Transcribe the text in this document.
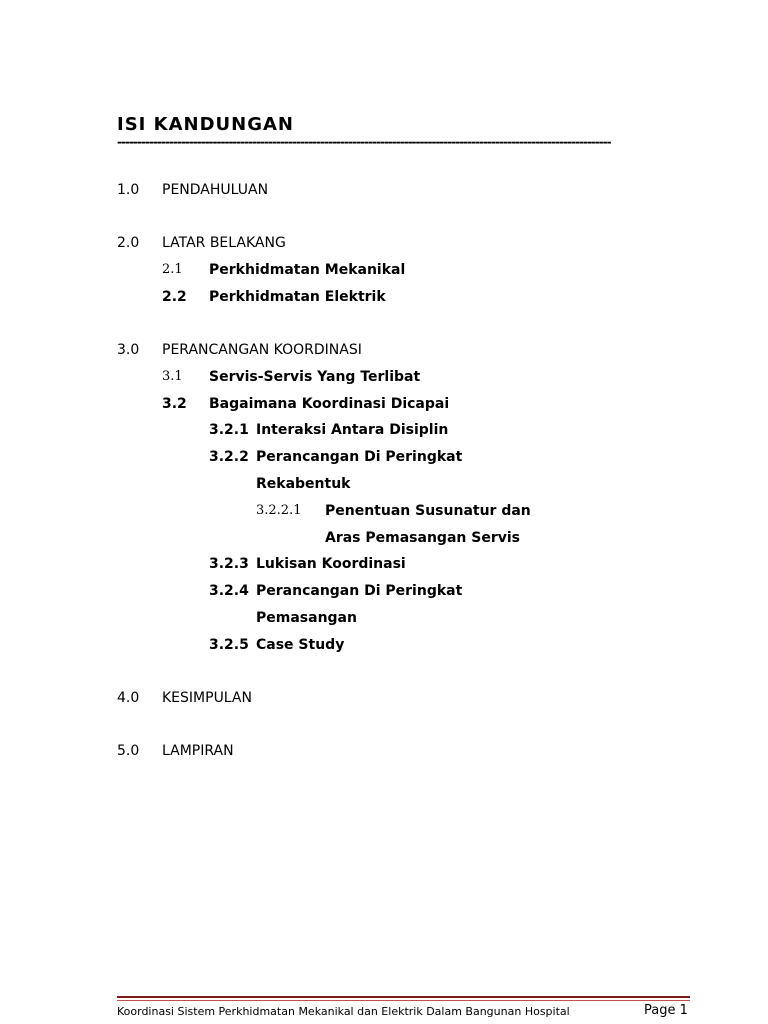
ISI KANDUNGAN
----------------------------------------------------------------------------------------------------------------------------
1.0 PENDAHULUAN
2.0 LATAR BELAKANG
2.1 Perkhidmatan Mekanikal
2.2 Perkhidmatan Elektrik
3.0 PERANCANGAN KOORDINASI
3.1 Servis-Servis Yang Terlibat
3.2 Bagaimana Koordinasi Dicapai
3.2.1 Interaksi Antara Disiplin
3.2.2 Perancangan Di Peringkat
Rekabentuk
3.2.2.1 Penentuan Susunatur dan
Aras Pemasangan Servis
3.2.3 Lukisan Koordinasi
3.2.4 Perancangan Di Peringkat
Pemasangan
3.2.5 Case Study
4.0 KESIMPULAN
5.0 LAMPIRAN
Koordinasi Sistem Perkhidmatan Mekanikal dan Elektrik Dalam Bangunan Hospital	Page 1
